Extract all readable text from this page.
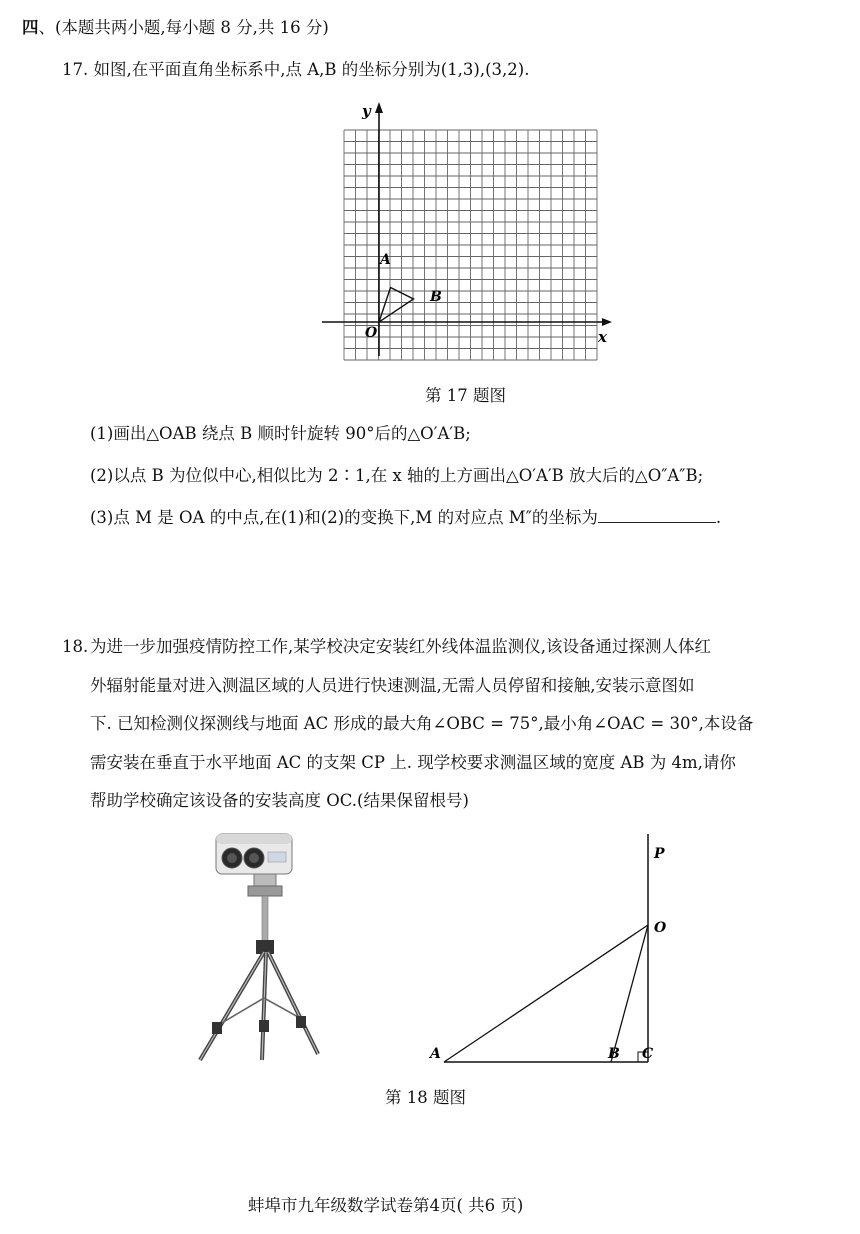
四、(本题共两小题,每小题 8 分,共 16 分)
17. 如图,在平面直角坐标系中,点 A,B 的坐标分别为(1,3),(3,2).
y
x
O
A
B
第 17 题图
(1)画出△OAB 绕点 B 顺时针旋转 90°后的△O′A′B;
(2)以点 B 为位似中心,相似比为 2∶1,在 x 轴的上方画出△O′A′B 放大后的△O″A″B;
(3)点 M 是 OA 的中点,在(1)和(2)的变换下,M 的对应点 M″的坐标为	.
18. 为进一步加强疫情防控工作,某学校决定安装红外线体温监测仪,该设备通过探测人体红
外辐射能量对进入测温区域的人员进行快速测温,无需人员停留和接触,安装示意图如
下. 已知检测仪探测线与地面 AC 形成的最大角∠OBC = 75°,最小角∠OAC = 30°,本设备
需安装在垂直于水平地面 AC 的支架 CP 上. 现学校要求测温区域的宽度 AB 为 4m,请你
帮助学校确定该设备的安装高度 OC.(结果保留根号)
P
O
A	B C
第 18 题图
蚌埠市九年级数学试卷第4页( 共6 页)
